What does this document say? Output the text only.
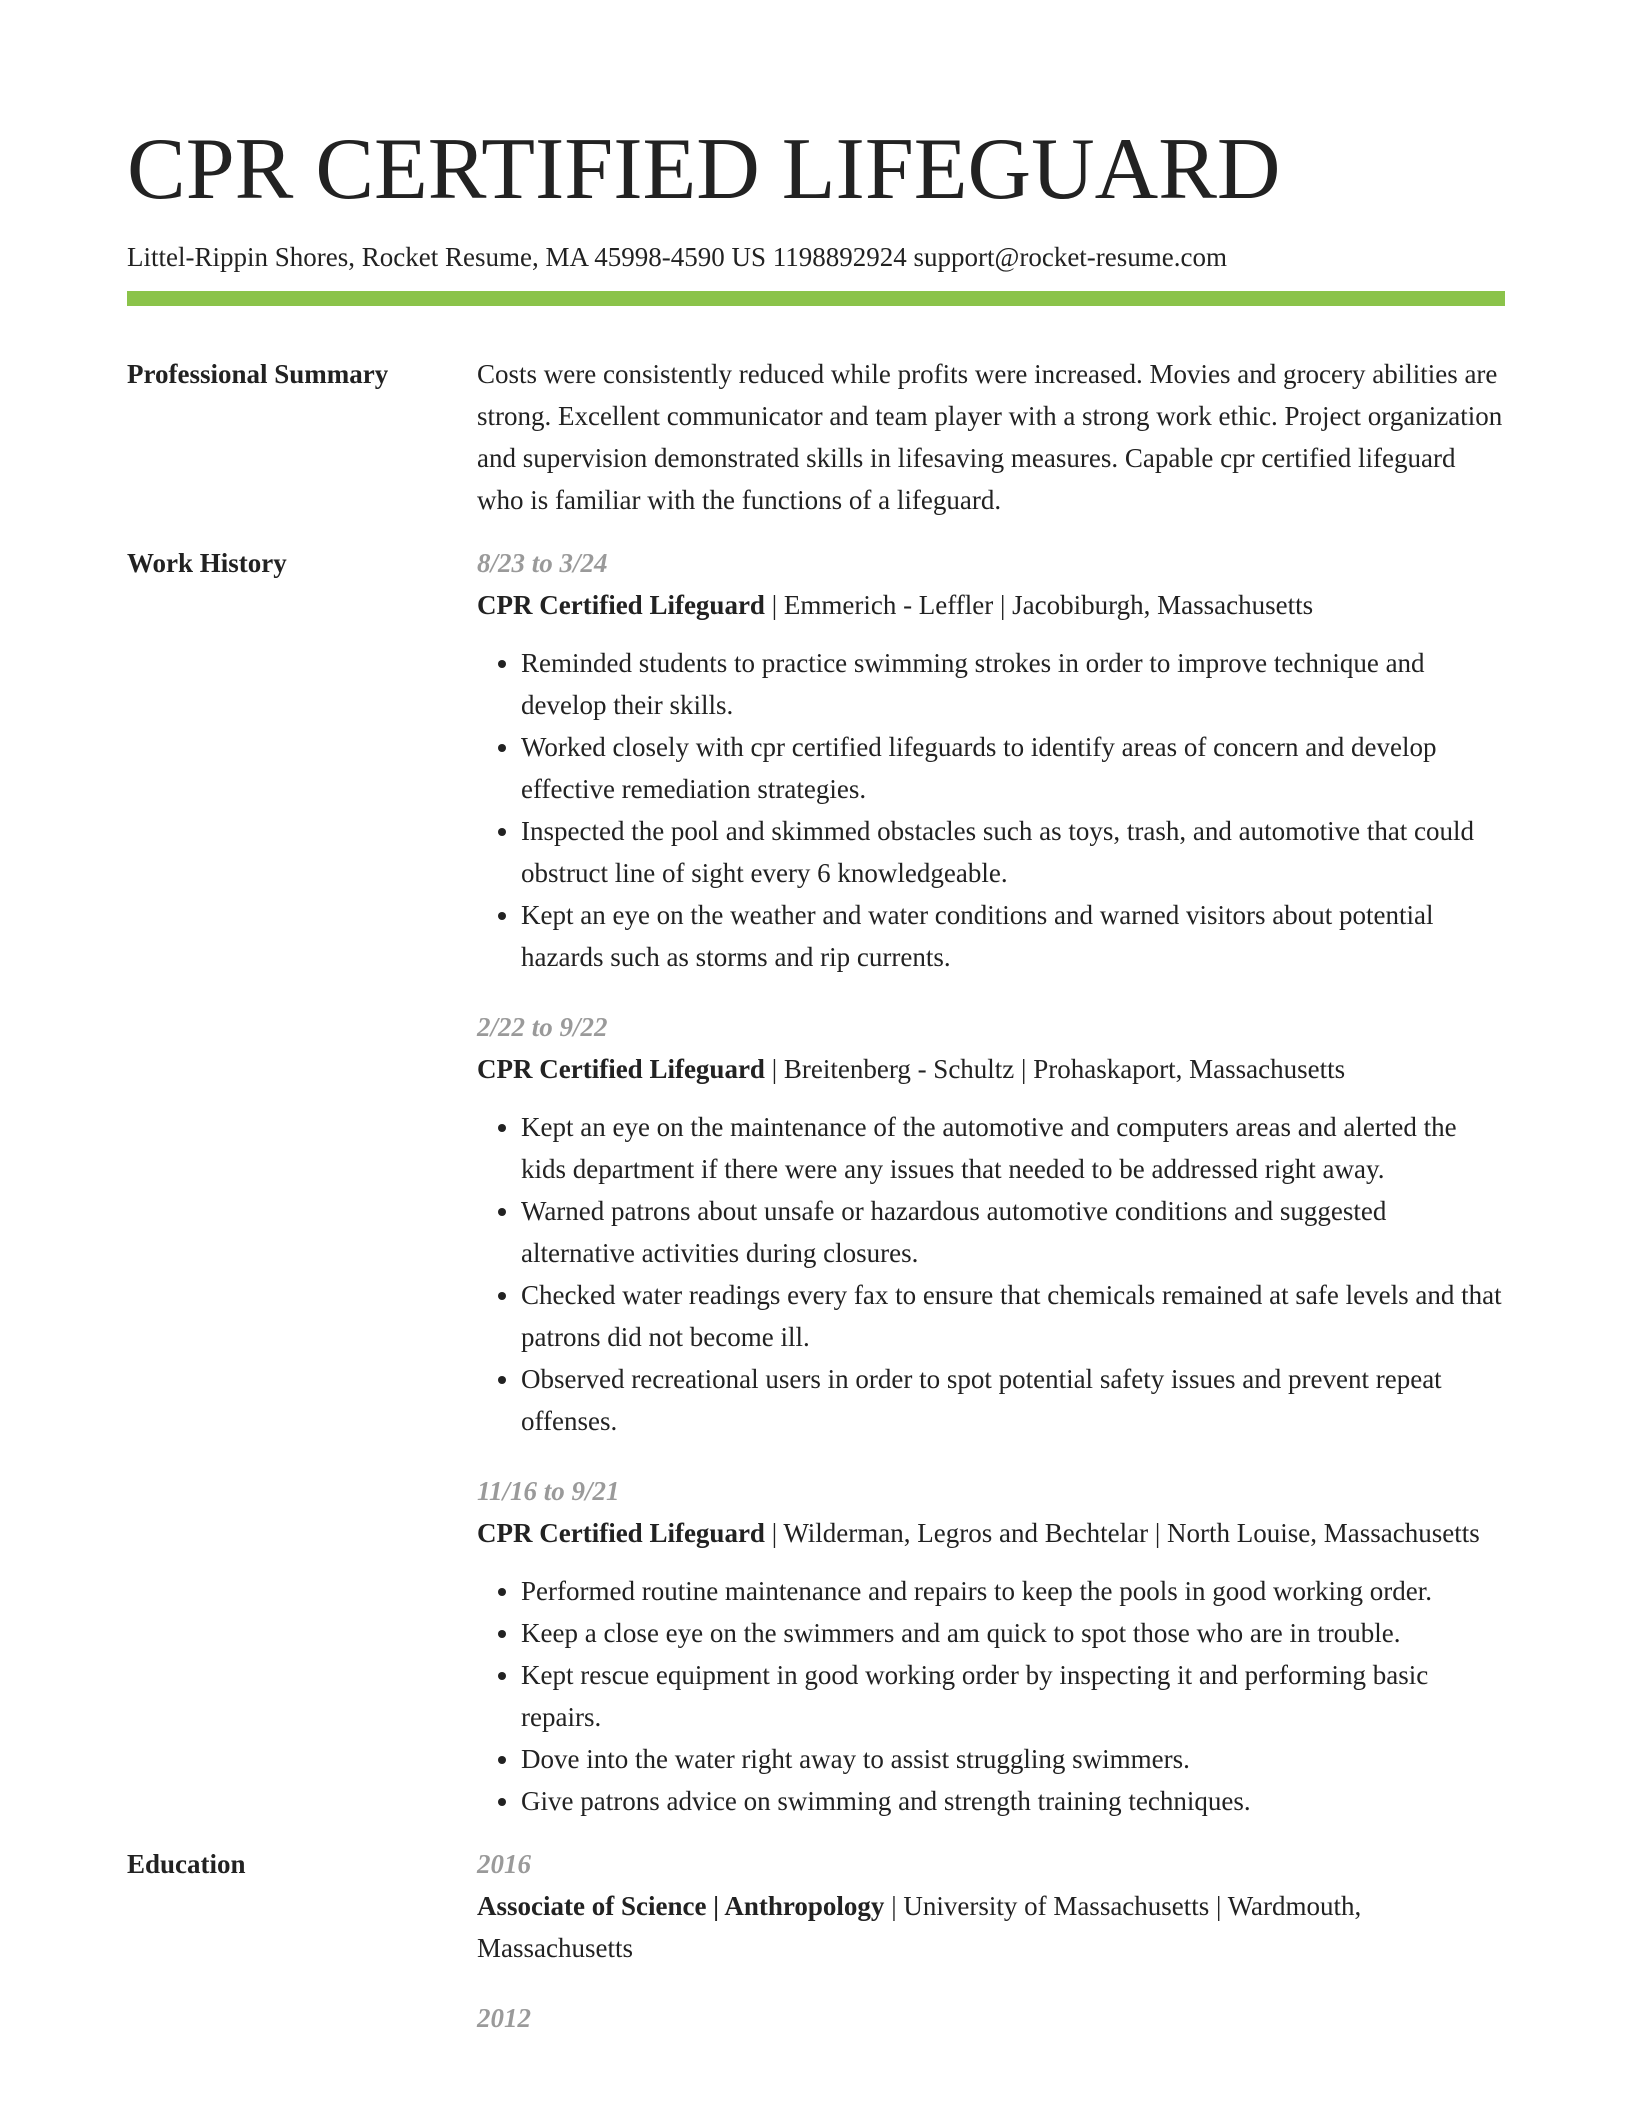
CPR CERTIFIED LIFEGUARD
Littel-Rippin Shores, Rocket Resume, MA 45998-4590 US 1198892924 support@rocket-resume.com
Professional Summary	Costs were consistently reduced while profits were increased. Movies and grocery abilities are strong. Excellent communicator and team player with a strong work ethic. Project organization and supervision demonstrated skills in lifesaving measures. Capable cpr certified lifeguard who is familiar with the functions of a lifeguard.
Work History	8/23 to 3/24
CPR Certified Lifeguard | Emmerich - Leffler | Jacobiburgh, Massachusetts
• Reminded students to practice swimming strokes in order to improve technique and develop their skills.
• Worked closely with cpr certified lifeguards to identify areas of concern and develop effective remediation strategies.
• Inspected the pool and skimmed obstacles such as toys, trash, and automotive that could obstruct line of sight every 6 knowledgeable.
• Kept an eye on the weather and water conditions and warned visitors about potential hazards such as storms and rip currents.
2/22 to 9/22
CPR Certified Lifeguard | Breitenberg - Schultz | Prohaskaport, Massachusetts
• Kept an eye on the maintenance of the automotive and computers areas and alerted the kids department if there were any issues that needed to be addressed right away.
• Warned patrons about unsafe or hazardous automotive conditions and suggested alternative activities during closures.
• Checked water readings every fax to ensure that chemicals remained at safe levels and that patrons did not become ill.
• Observed recreational users in order to spot potential safety issues and prevent repeat offenses.
11/16 to 9/21
CPR Certified Lifeguard | Wilderman, Legros and Bechtelar | North Louise, Massachusetts
• Performed routine maintenance and repairs to keep the pools in good working order.
• Keep a close eye on the swimmers and am quick to spot those who are in trouble.
• Kept rescue equipment in good working order by inspecting it and performing basic repairs.
• Dove into the water right away to assist struggling swimmers.
• Give patrons advice on swimming and strength training techniques.
Education	2016
Associate of Science | Anthropology | University of Massachusetts | Wardmouth, Massachusetts
2012
